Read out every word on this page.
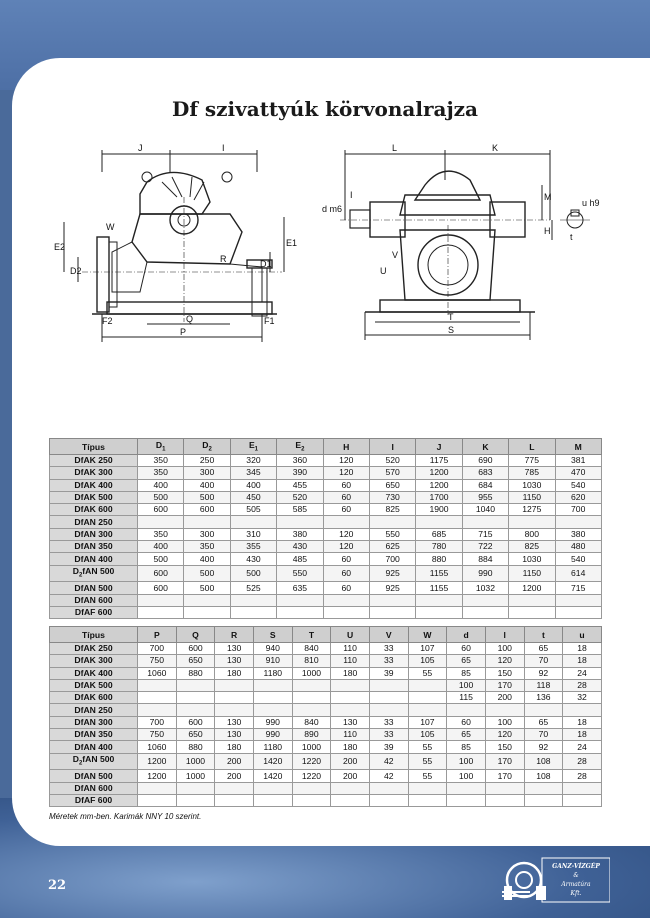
Df szivattyúk körvonalrajza
J	I
W
E2
D2
F2	Q
P
F1
R	D1
E1
L	K
M
d m6
I
t
u h9
H
V
U
T
S
Típus	$D_1$	$D_2$	$E_1$	$E_2$	H	I	J	K	L	M
DfAK 250	350	250	320	360	120	520	1175	690	775	381
DfAK 300	350	300	345	390	120	570	1200	683	785	470
DfAK 400	400	400	400	455	60	650	1200	684	1030	540
DfAK 500	500	500	450	520	60	730	1700	955	1150	620
DfAK 600	600	600	505	585	60	825	1900	1040	1275	700
DfAN 250										
DfAN 300	350	300	310	380	120	550	685	715	800	380
DfAN 350	400	350	355	430	120	625	780	722	825	480
DfAN 400	500	400	430	485	60	700	880	884	1030	540
$D_2fAN$ 500	600	500	500	550	60	925	1155	990	1150	614
DfAN 500	600	500	525	635	60	925	1155	1032	1200	715
DfAN 600										
DfAF 600										
Típus	P	Q	R	S	T	U	V	W	d	l	t	u
DfAK 250	700	600	130	940	840	110	33	107	60	100	65	18
DfAK 300	750	650	130	910	810	110	33	105	65	120	70	18
DfAK 400	1060	880	180	1180	1000	180	39	55	85	150	92	24
DfAK 500									100	170	118	28
DfAK 600									115	200	136	32
DfAN 250												
DfAN 300	700	600	130	990	840	130	33	107	60	100	65	18
DfAN 350	750	650	130	990	890	110	33	105	65	120	70	18
DfAN 400	1060	880	180	1180	1000	180	39	55	85	150	92	24
$D_2fAN$ 500	1200	1000	200	1420	1220	200	42	55	100	170	108	28
DfAN 500	1200	1000	200	1420	1220	200	42	55	100	170	108	28
DfAN 600												
DfAF 600												

Méretek mm-ben. Karimák NNY 10 szerint.

22
GANZ-VÍZGÉP
&
Armatúra
Kft.
